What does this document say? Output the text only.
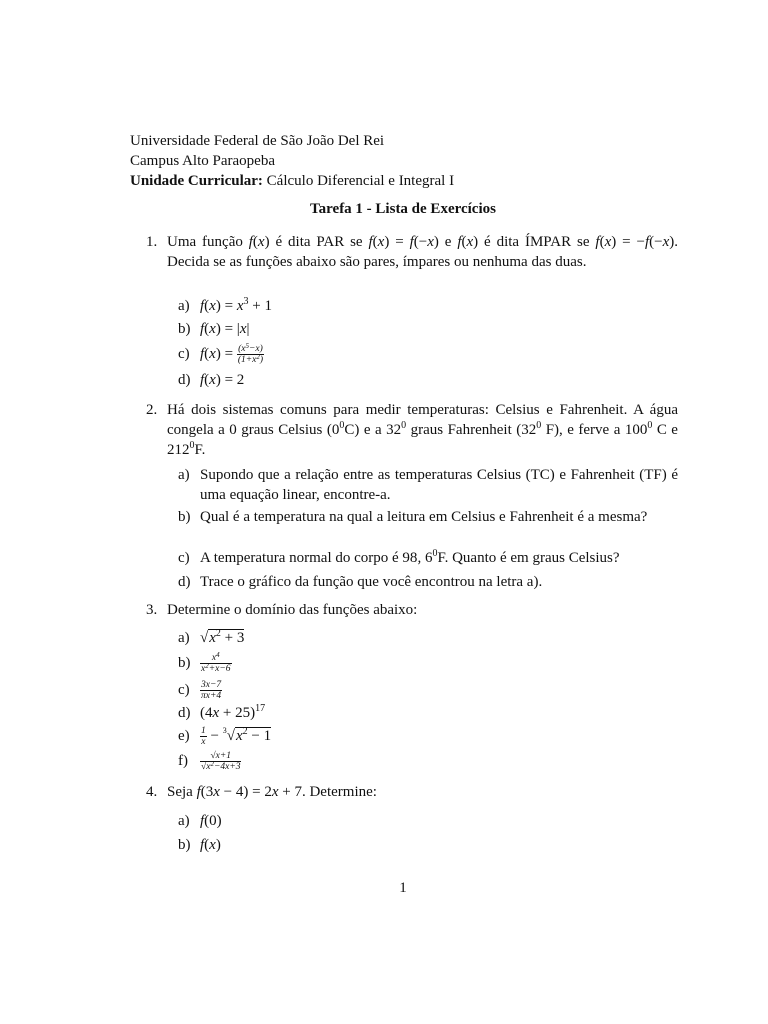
Universidade Federal de São João Del Rei
Campus Alto Paraopeba
Unidade Curricular: Cálculo Diferencial e Integral I
Tarefa 1 - Lista de Exercícios
1. Uma função f(x) é dita PAR se f(x) = f(−x) e f(x) é dita ÍMPAR se f(x) = −f(−x). Decida se as funções abaixo são pares, ímpares ou nenhuma das duas.
a) $f(x) = x^3 + 1$
b) f(x) = |x|
c) $f(x) = \frac{(x^5-x)}{(1+x^2)}$
d) f(x) = 2
2. Há dois sistemas comuns para medir temperaturas: Celsius e Fahrenheit. A água congela a 0 graus Celsius $(0^0C)$ e a $32^0$ graus Fahrenheit ($32^0$ F), e ferve a $100^0$ C e $212^0F$.
a) Supondo que a relação entre as temperaturas Celsius (TC) e Fahrenheit (TF) é uma equação linear, encontre-a.
b) Qual é a temperatura na qual a leitura em Celsius e Fahrenheit é a mesma?
c) A temperatura normal do corpo é 98, $6^0F$. Quanto é em graus Celsius?
d) Trace o gráfico da função que você encontrou na letra a).
3. Determine o domínio das funções abaixo:
a) $√x^2 + 3$
$b) \frac{x^4}{x^2+x-6}$
$c) \frac{3x-7}{\pi x+4}$
d) $(4x + 25)^{17}$
$e) \frac{1}{x} - ^3√x^2 - 1$
$f) \frac{√x+1}{√x^2-4x+3}$
4. Seja f(3x − 4) = 2x + 7. Determine:
a) f(0)
b) f(x)
1
